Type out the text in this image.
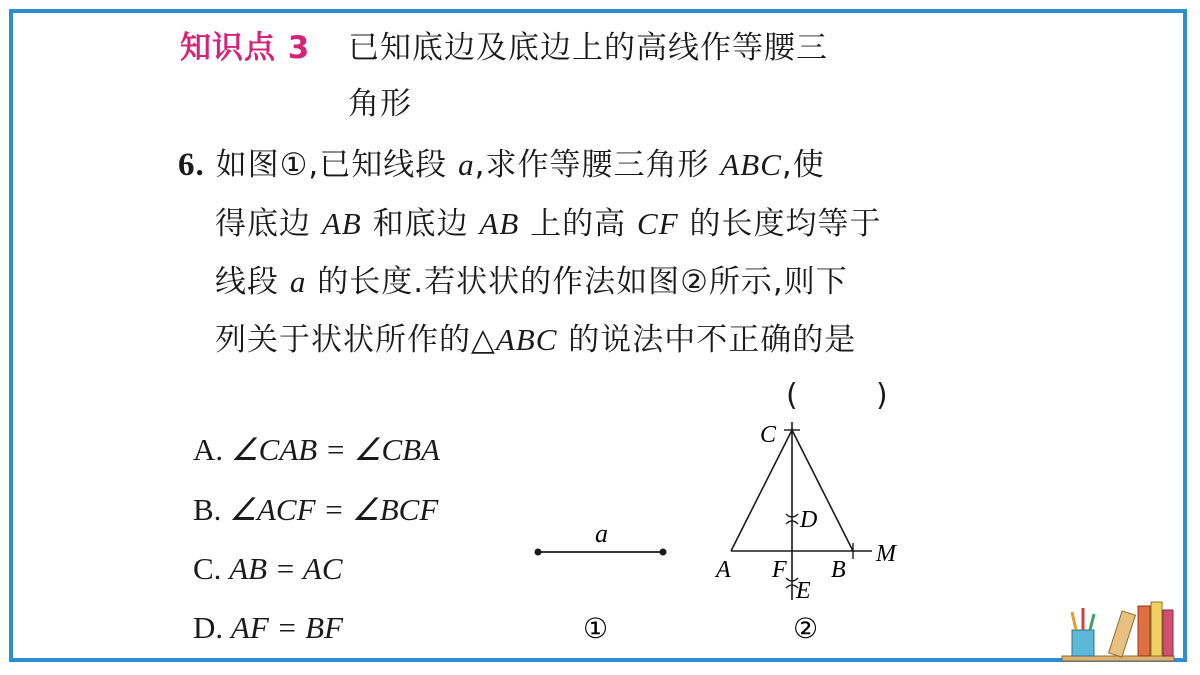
知识点 3 已知底边及底边上的高线作等腰三
角形
6. 如图①,已知线段 a,求作等腰三角形 ABC,使
得底边 AB 和底边 AB 上的高 CF 的长度均等于
线段 a 的长度.若状状的作法如图②所示,则下
列关于状状所作的△ABC 的说法中不正确的是
(	)
A. ∠CAB = ∠CBA
B. ∠ACF = ∠BCF
C. AB = AC
D. AF = BF
a
①
C
D
A F B
M
E
②
